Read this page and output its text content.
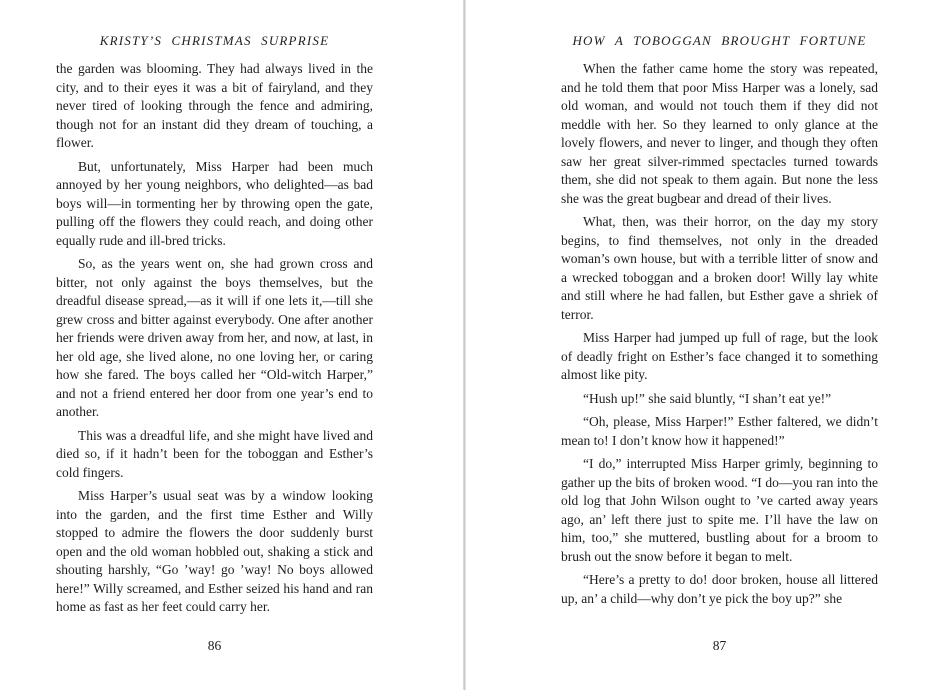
KRISTY’S CHRISTMAS SURPRISE

the garden was blooming. They had always lived in the city, and to their eyes it was a bit of fairyland, and they never tired of looking through the fence and admiring, though not for an instant did they dream of touching, a flower.

But, unfortunately, Miss Harper had been much annoyed by her young neighbors, who delighted—as bad boys will—in tormenting her by throwing open the gate, pulling off the flowers they could reach, and doing other equally rude and ill-bred tricks.

So, as the years went on, she had grown cross and bitter, not only against the boys themselves, but the dreadful disease spread,—as it will if one lets it,—till she grew cross and bitter against everybody. One after another her friends were driven away from her, and now, at last, in her old age, she lived alone, no one loving her, or caring how she fared. The boys called her “Old-witch Harper,” and not a friend entered her door from one year’s end to another.

This was a dreadful life, and she might have lived and died so, if it hadn’t been for the toboggan and Esther’s cold fingers.

Miss Harper’s usual seat was by a window looking into the garden, and the first time Esther and Willy stopped to admire the flowers the door suddenly burst open and the old woman hobbled out, shaking a stick and shouting harshly, “Go ’way! go ’way! No boys allowed here!” Willy screamed, and Esther seized his hand and ran home as fast as her feet could carry her.

86
HOW A TOBOGGAN BROUGHT FORTUNE

When the father came home the story was repeated, and he told them that poor Miss Harper was a lonely, sad old woman, and would not touch them if they did not meddle with her. So they learned to only glance at the lovely flowers, and never to linger, and though they often saw her great silver-rimmed spectacles turned towards them, she did not speak to them again. But none the less she was the great bugbear and dread of their lives.

What, then, was their horror, on the day my story begins, to find themselves, not only in the dreaded woman’s own house, but with a terrible litter of snow and a wrecked toboggan and a broken door! Willy lay white and still where he had fallen, but Esther gave a shriek of terror.

Miss Harper had jumped up full of rage, but the look of deadly fright on Esther’s face changed it to something almost like pity.

“Hush up!” she said bluntly, “I shan’t eat ye!”

“Oh, please, Miss Harper!” Esther faltered, we didn’t mean to! I don’t know how it happened!”

“I do,” interrupted Miss Harper grimly, beginning to gather up the bits of broken wood. “I do—you ran into the old log that John Wilson ought to ’ve carted away years ago, an’ left there just to spite me. I’ll have the law on him, too,” she muttered, bustling about for a broom to brush out the snow before it began to melt.

“Here’s a pretty to do! door broken, house all littered up, an’ a child—why don’t ye pick the boy up?” she

87
